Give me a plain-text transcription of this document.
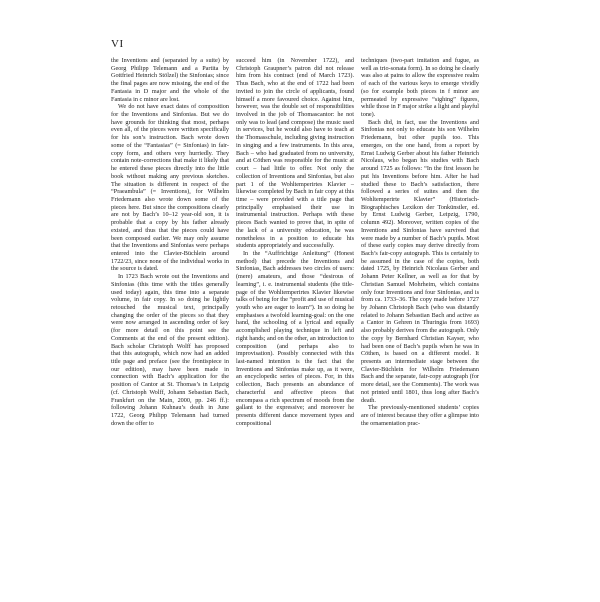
VI

the Inventions and (separated by a suite) by Georg Philipp Telemann and a Partita by Gottfried Heinrich Stölzel) the Sinfonias; since the final pages are now missing, the end of the Fantasia in D major and the whole of the Fantasia in c minor are lost.

We do not have exact dates of composition for the Inventions and Sinfonias. But we do have grounds for thinking that most, perhaps even all, of the pieces were written specifically for his son’s instruction. Bach wrote down some of the “Fantasias” (= Sinfonias) in fair-copy form, and others very hurriedly. They contain note-corrections that make it likely that he entered these pieces directly into the little book without making any previous sketches. The situation is different in respect of the “Praeambula” (= Inventions), for Wilhelm Friedemann also wrote down some of the pieces here. But since the compositions clearly are not by Bach’s 10–12 year-old son, it is probable that a copy by his father already existed, and thus that the pieces could have been composed earlier. We may only assume that the Inventions and Sinfonias were perhaps entered into the Clavier-Büchlein around 1722/23, since none of the individual works in the source is dated.

In 1723 Bach wrote out the Inventions and Sinfonias (this time with the titles generally used today) again, this time into a separate volume, in fair copy. In so doing he lightly retouched the musical text, principally changing the order of the pieces so that they were now arranged in ascending order of key (for more detail on this point see the Comments at the end of the present edition). Bach scholar Christoph Wolff has proposed that this autograph, which now had an added title page and preface (see the frontispiece in our edition), may have been made in connection with Bach’s application for the position of Cantor at St. Thomas’s in Leipzig (cf. Christoph Wolff, Johann Sebastian Bach, Frankfurt on the Main, 2000, pp. 246 ff.): following Johann Kuhnau’s death in June 1722, Georg Philipp Telemann had turned down the offer to

succeed him (in November 1722), and Christoph Graupner’s patron did not release him from his contract (end of March 1723). Thus Bach, who at the end of 1722 had been invited to join the circle of applicants, found himself a more favoured choice. Against him, however, was the double set of responsibilities involved in the job of Thomascantor: he not only was to lead (and compose) the music used in services, but he would also have to teach at the Thomasschule, including giving instruction in singing and a few instruments. In this area, Bach – who had graduated from no university, and at Cöthen was responsible for the music at court – had little to offer. Not only the collection of Inventions and Sinfonias, but also part 1 of the Wohltemperirtes Klavier – likewise completed by Bach in fair copy at this time – were provided with a title page that principally emphasised their use in instrumental instruction. Perhaps with these pieces Bach wanted to prove that, in spite of the lack of a university education, he was nonetheless in a position to educate his students appropriately and successfully.

In the “Auffrichtige Anleitung” (Honest method) that precede the Inventions and Sinfonias, Bach addresses two circles of users: (mere) amateurs, and those “desirous of learning”, i. e. instrumental students (the title-page of the Wohltemperirtes Klavier likewise talks of being for the “profit and use of musical youth who are eager to learn”). In so doing he emphasises a twofold learning-goal: on the one hand, the schooling of a lyrical and equally accomplished playing technique in left and right hands; and on the other, an introduction to composition (and perhaps also to improvisation). Possibly connected with this last-named intention is the fact that the Inventions and Sinfonias make up, as it were, an encyclopedic series of pieces. For, in this collection, Bach presents an abundance of characterful and affective pieces that encompass a rich spectrum of moods from the gallant to the expressive; and moreover he presents different dance movement types and compositional

techniques (two-part imitation and fugue, as well as trio-sonata form). In so doing he clearly was also at pains to allow the expressive realm of each of the various keys to emerge vividly (so for example both pieces in f minor are permeated by expressive “sighing” figures, while those in F major strike a light and playful tone).

Bach did, in fact, use the Inventions and Sinfonias not only to educate his son Wilhelm Friedemann, but other pupils too. This emerges, on the one hand, from a report by Ernst Ludwig Gerber about his father Heinrich Nicolaus, who began his studies with Bach around 1725 as follows: “In the first lesson he put his Inventions before him. After he had studied these to Bach’s satisfaction, there followed a series of suites and then the Wohltemperirte Klavier” (Historisch-Biographisches Lexikon der Tonkünstler, ed. by Ernst Ludwig Gerber, Leipzig, 1790, column 492). Moreover, written copies of the Inventions and Sinfonias have survived that were made by a number of Bach’s pupils. Most of these early copies may derive directly from Bach’s fair-copy autograph. This is certainly to be assumed in the case of the copies, both dated 1725, by Heinrich Nicolaus Gerber and Johann Peter Kellner, as well as for that by Christian Samuel Mohrheim, which contains only four Inventions and four Sinfonias, and is from ca. 1733–36. The copy made before 1727 by Johann Christoph Bach (who was distantly related to Johann Sebastian Bach and active as a Cantor in Gehren in Thuringia from 1693) also probably derives from the autograph. Only the copy by Bernhard Christian Kayser, who had been one of Bach’s pupils when he was in Cöthen, is based on a different model. It presents an intermediate stage between the Clavier-Büchlein for Wilhelm Friedemann Bach and the separate, fair-copy autograph (for more detail, see the Comments). The work was not printed until 1801, thus long after Bach’s death.

The previously-mentioned students’ copies are of interest because they offer a glimpse into the ornamentation prac-
